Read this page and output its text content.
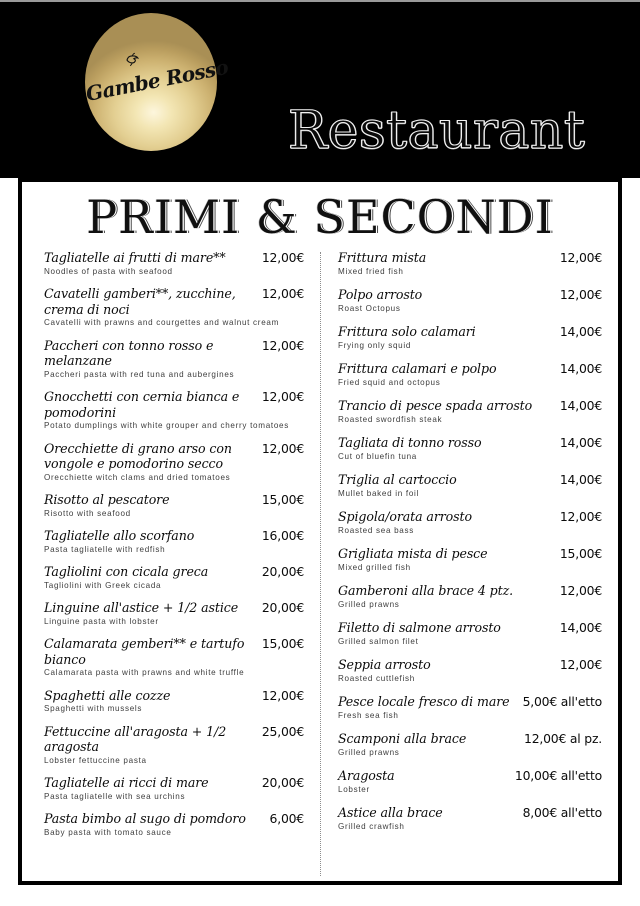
Gambe Rosso
Restaurant
PRIMI & SECONDI
Tagliatelle ai frutti di mare**	12,00€
Noodles of pasta with seafood
Cavatelli gamberi**, zucchine, crema di noci
12,00€
Cavatelli with prawns and courgettes and walnut cream
Paccheri con tonno rosso e melanzane
12,00€
Paccheri pasta with red tuna and aubergines
Gnocchetti con cernia bianca e pomodorini
12,00€
Potato dumplings with white grouper and cherry tomatoes
Orecchiette di grano arso con vongole e pomodorino secco
12,00€
Orecchiette witch clams and dried tomatoes
Risotto al pescatore	15,00€
Risotto with seafood
Tagliatelle allo scorfano	16,00€
Pasta tagliatelle with redfish
Tagliolini con cicala greca	20,00€
Tagliolini with Greek cicada
Linguine all'astice + 1/2 astice 20,00€
Linguine pasta with lobster
Calamarata gemberi** e tartufo bianco
15,00€
Calamarata pasta with prawns and white truffle
Spaghetti alle cozze	12,00€
Spaghetti with mussels
Fettuccine all'aragosta + 1/2 aragosta
25,00€
Lobster fettuccine pasta
Tagliatelle ai ricci di mare	20,00€
Pasta tagliatelle with sea urchins
Pasta bimbo al sugo di pomdoro 6,00€
Baby pasta with tomato sauce
Frittura mista	12,00€
Mixed fried fish
Polpo arrosto	12,00€
Roast Octopus
Frittura solo calamari	14,00€
Frying only squid
Frittura calamari e polpo	14,00€
Fried squid and octopus
Trancio di pesce spada arrosto 14,00€
Roasted swordfish steak
Tagliata di tonno rosso	14,00€
Cut of bluefin tuna
Triglia al cartoccio	14,00€
Mullet baked in foil
Spigola/orata arrosto	12,00€
Roasted sea bass
Grigliata mista di pesce	15,00€
Mixed grilled fish
Gamberoni alla brace 4 ptz.	12,00€
Grilled prawns
Filetto di salmone arrosto	14,00€
Grilled salmon filet
Seppia arrosto	12,00€
Roasted cuttlefish
Pesce locale fresco di mare 5,00€ all'etto
Fresh sea fish
Scamponi alla brace	12,00€ al pz.
Grilled prawns
Aragosta	10,00€ all'etto
Lobster
Astice alla brace	8,00€ all'etto
Grilled crawfish
